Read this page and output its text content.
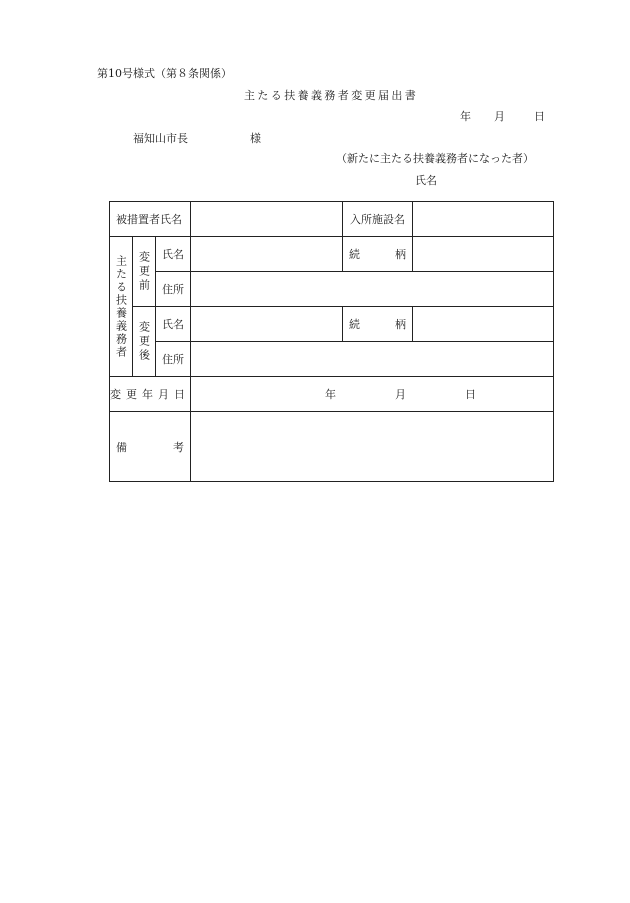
第10号様式（第８条関係）
主たる扶養義務者変更届出書
年 月	日
福知山市長	様
（新たに主たる扶養義務者になった者）
氏名
被措置者氏名				入所施設名	

主たる扶養義務者	変更前	氏名		続 柄	

		住所			

	変更後	氏名		続 柄	

		住所			
変更年月日			年 月 日		

備 考					
